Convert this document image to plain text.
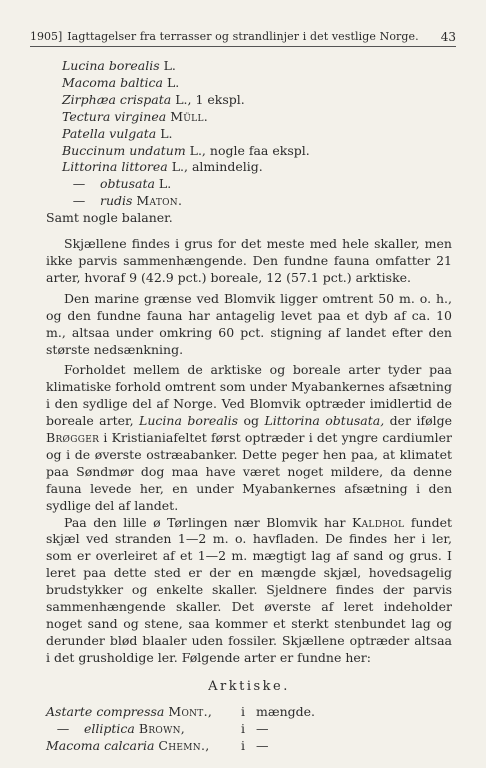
1905] Iagttagelser fra terrasser og strandlinjer i det vestlige Norge.	43
Lucina borealis L.
Macoma baltica L.
Zirphæa crispata L., 1 ekspl.
Tectura virginea Müll.
Patella vulgata L.
Buccinum undatum L., nogle faa ekspl.
Littorina littorea L., almindelig.
— obtusata L.
— rudis Maton.
Samt nogle balaner.

Skjællene findes i grus for det meste med hele skaller, men ikke parvis sammenhængende. Den fundne fauna omfatter 21 arter, hvoraf 9 (42.9 pct.) boreale, 12 (57.1 pct.) arktiske.

Den marine grænse ved Blomvik ligger omtrent 50 m. o. h., og den fundne fauna har antagelig levet paa et dyb af ca. 10 m., altsaa under omkring 60 pct. stigning af landet efter den største nedsænkning.

Forholdet mellem de arktiske og boreale arter tyder paa klimatiske forhold omtrent som under Myabankernes afsætning i den sydlige del af Norge. Ved Blomvik optræder imidlertid de boreale arter, Lucina borealis og Littorina obtusata, der ifølge Brøgger i Kristianiafeltet først optræder i det yngre cardiumler og i de øverste ostræabanker. Dette peger hen paa, at klimatet paa Søndmør dog maa have været noget mildere, da denne fauna levede her, en under Myabankernes afsætning i den sydlige del af landet.

Paa den lille ø Tørlingen nær Blomvik har Kaldhol fundet skjæl ved stranden 1—2 m. o. havfladen. De findes her i ler, som er overleiret af et 1—2 m. mægtigt lag af sand og grus. I leret paa dette sted er der en mængde skjæl, hovedsagelig brudstykker og enkelte skaller. Sjeldnere findes der parvis sammenhængende skaller. Det øverste af leret indeholder noget sand og stene, saa kommer et sterkt stenbundet lag og derunder blød blaaler uden fossiler. Skjællene optræder altsaa i det grusholdige ler. Følgende arter er fundne her:

Arktiske.
Astarte compressa Mont., i mængde.
— elliptica Brown,	i —
Macoma calcaria Chemn.,	i —
